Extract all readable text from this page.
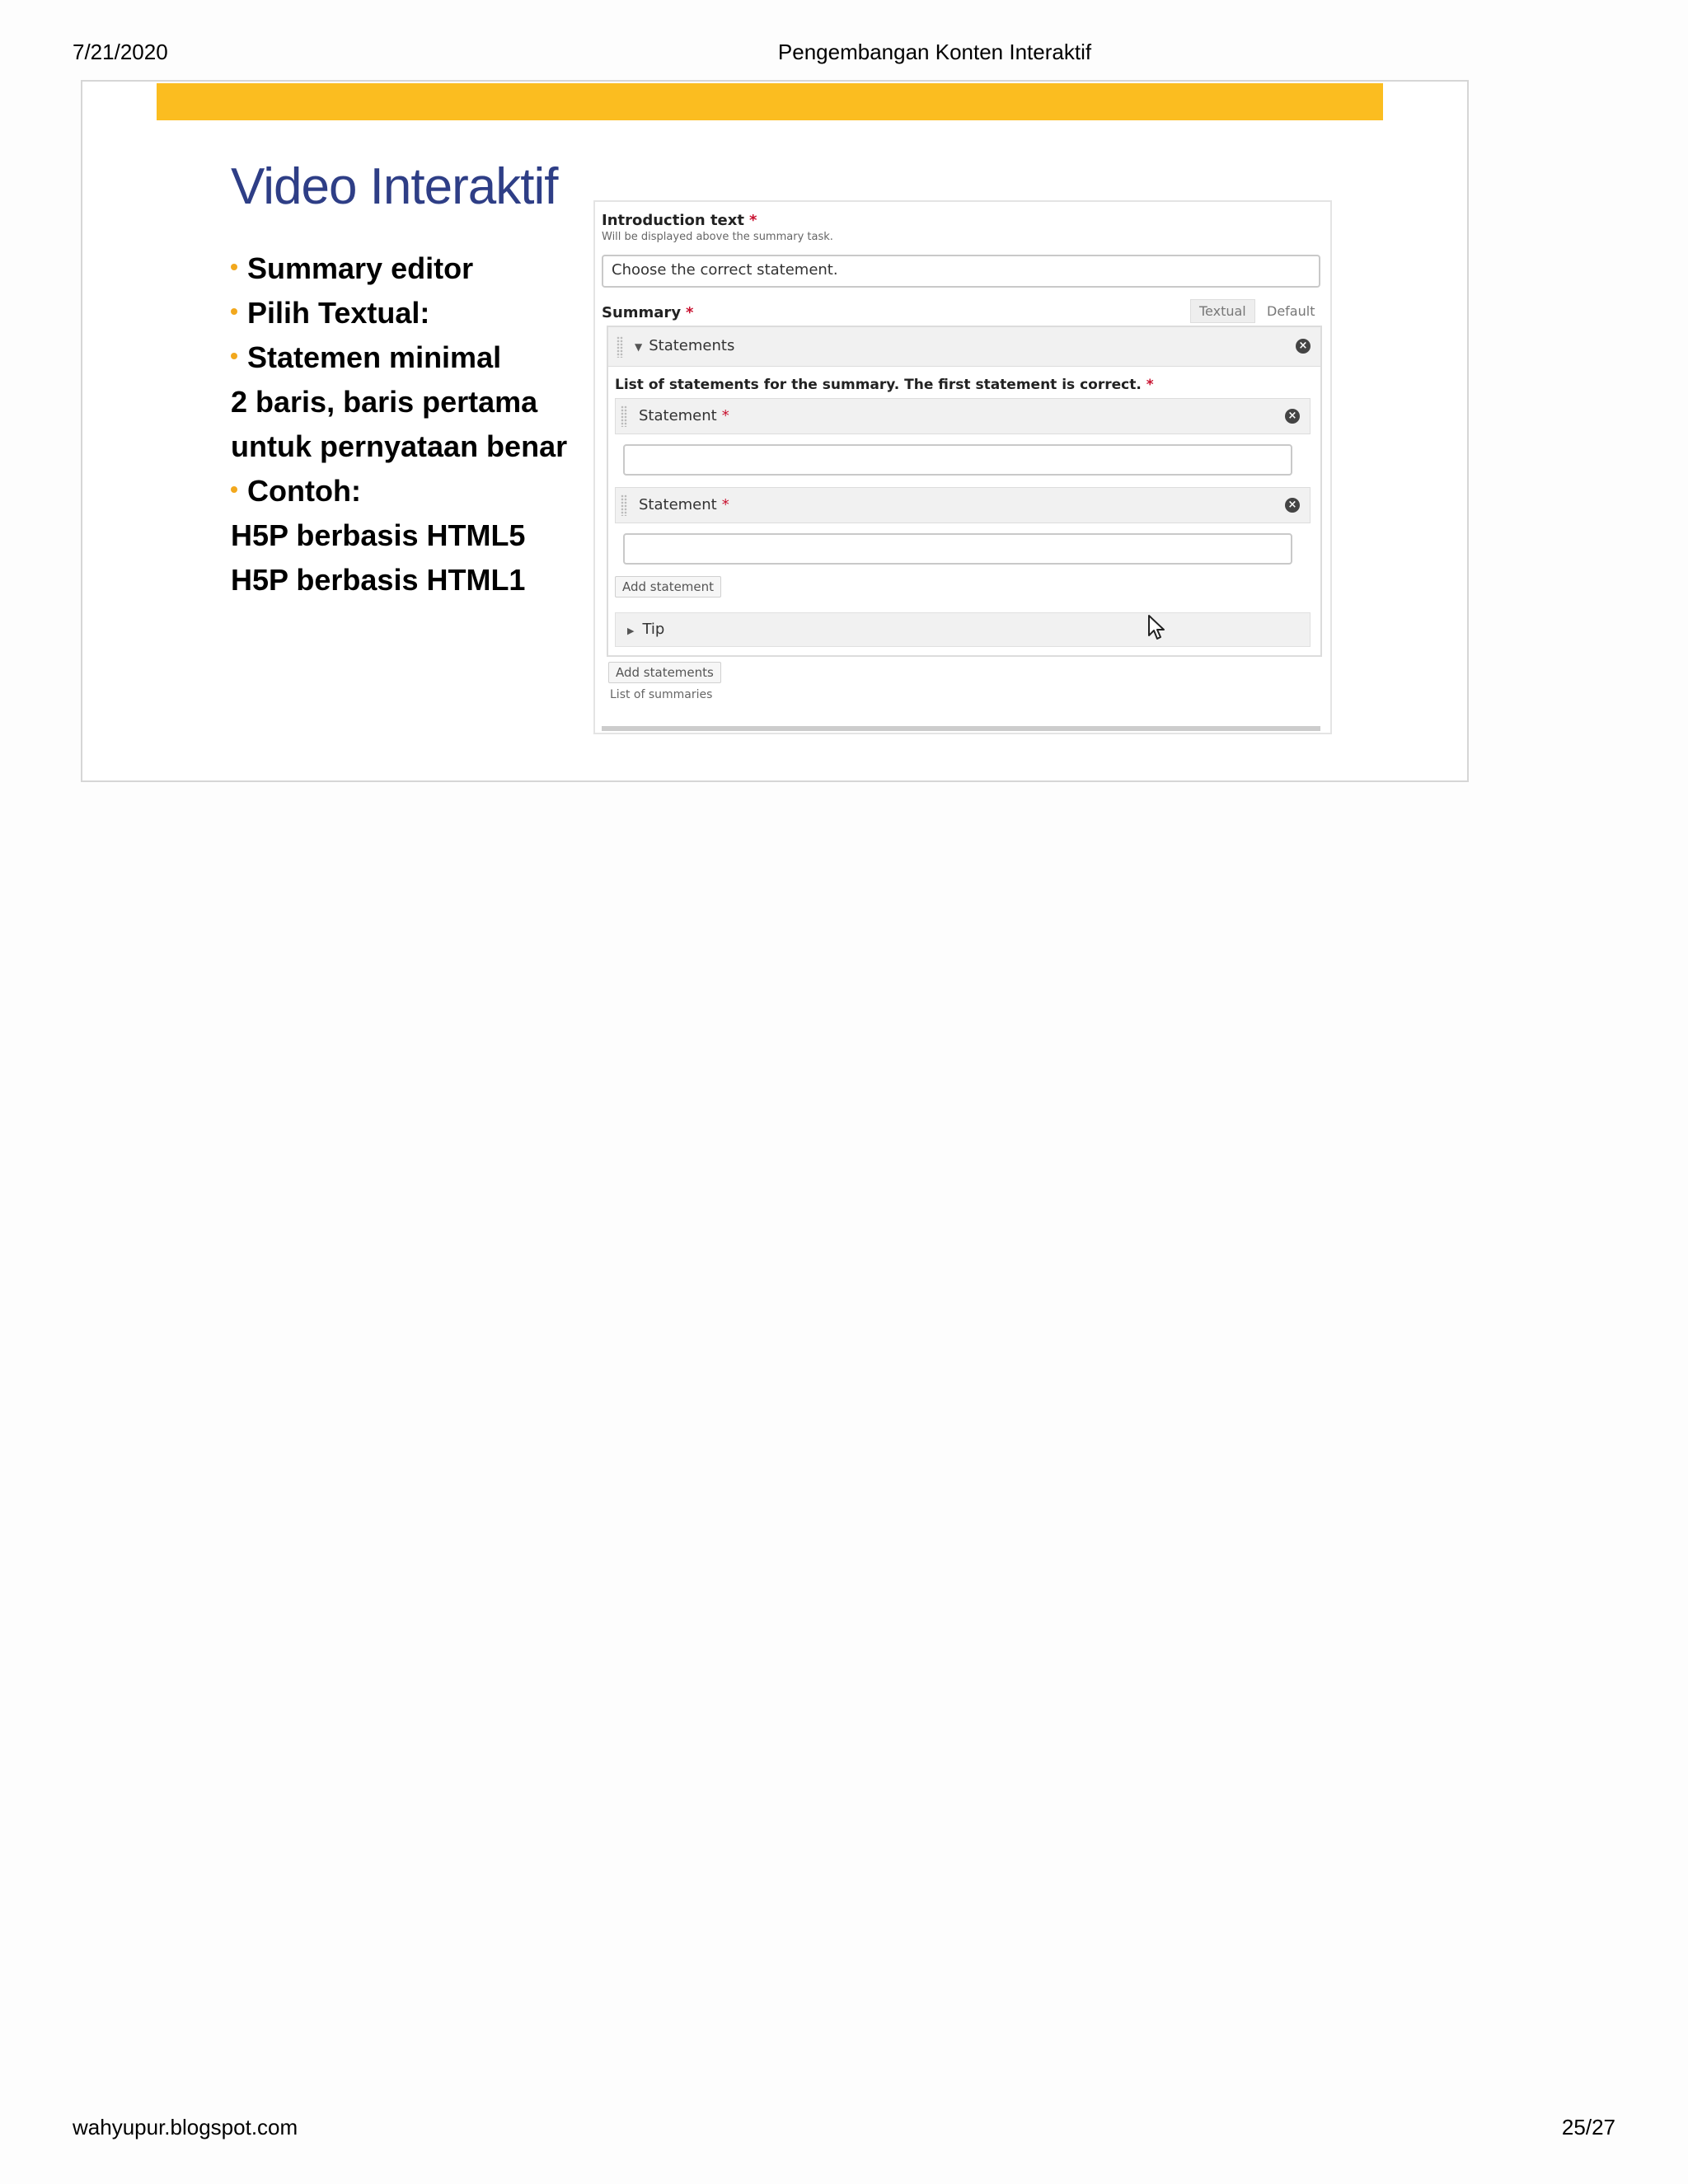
7/21/2020	Pengembangan Konten Interaktif
Video Interaktif
Summary editor
Pilih Textual:
Statemen minimal
2 baris, baris pertama
untuk pernyataan benar
Contoh:
H5P berbasis HTML5
H5P berbasis HTML1
Introduction text *
Will be displayed above the summary task.
Choose the correct statement.
Summary *	Textual	Default
▼ Statements	×
List of statements for the summary. The first statement is correct. *
Statement *	×
Statement *	×
Add statement
▶ Tip
Add statements
List of summaries
wahyupur.blogspot.com	25/27
